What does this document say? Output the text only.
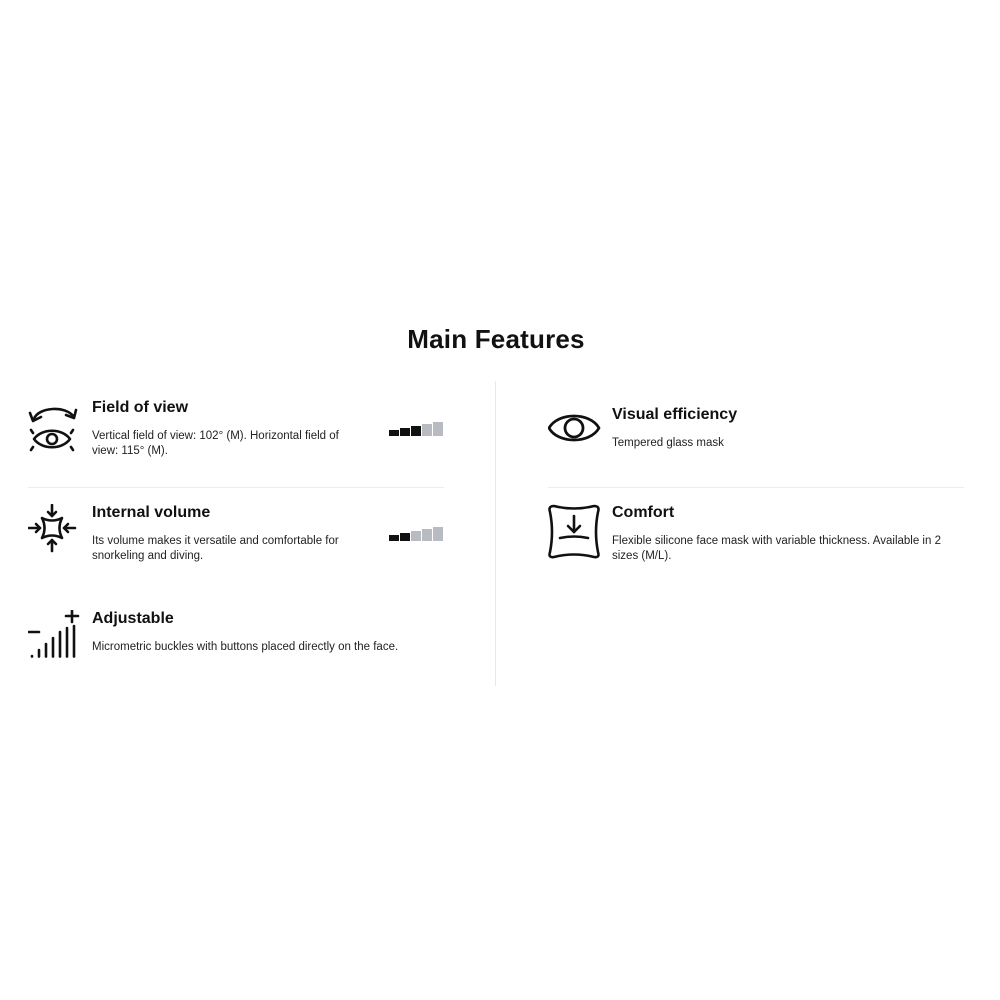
Main Features
Field of view

Vertical field of view: 102° (M). Horizontal field of view: 115° (M).

Internal volume

Its volume makes it versatile and comfortable for snorkeling and diving.

Adjustable

Micrometric buckles with buttons placed directly on the face.

Visual efficiency

Tempered glass mask

Comfort

Flexible silicone face mask with variable thickness. Available in 2 sizes (M/L).
